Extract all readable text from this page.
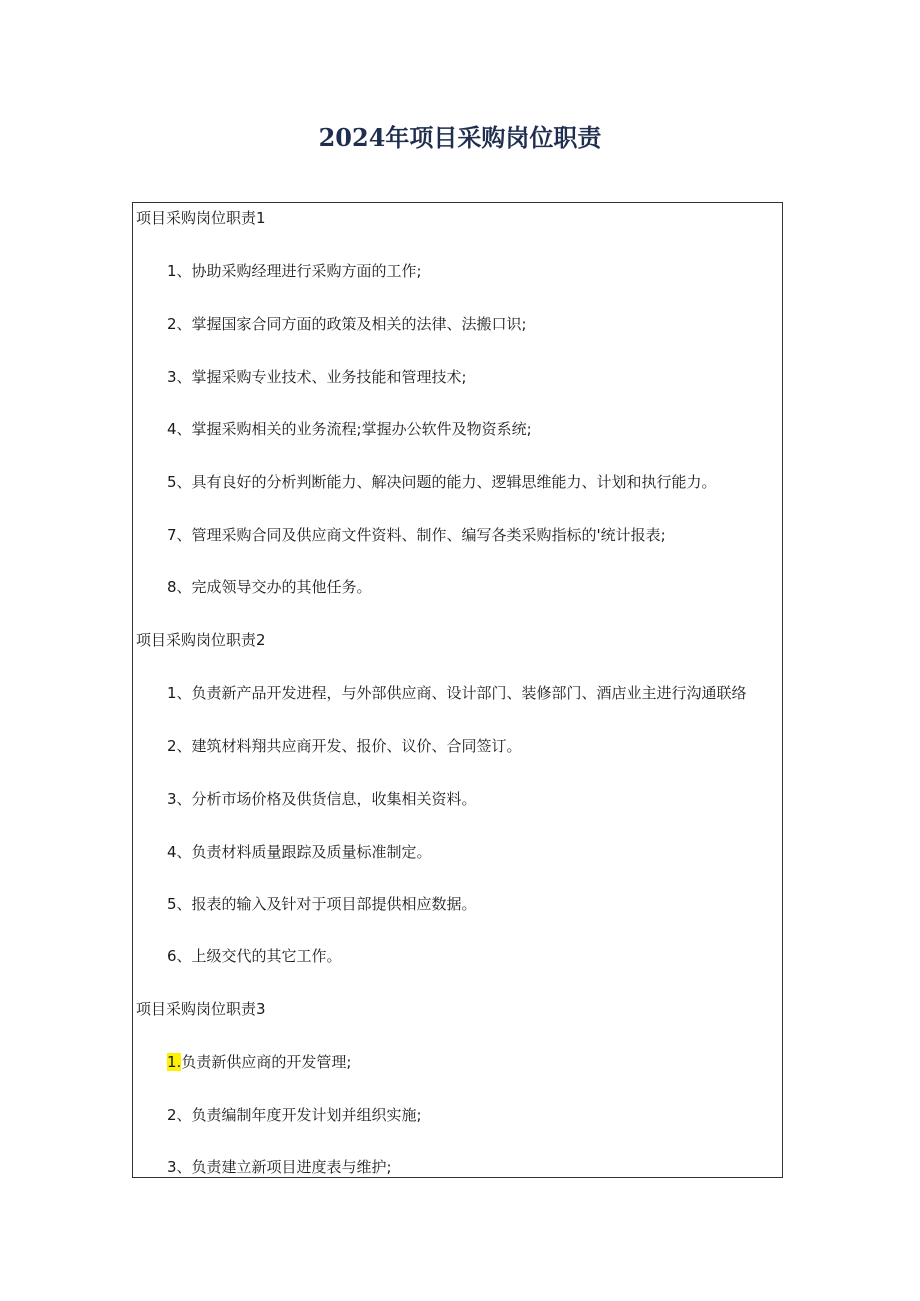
2024年项目采购岗位职责
项目采购岗位职责1
1、协助采购经理进行采购方面的工作;
2、掌握国家合同方面的政策及相关的法律、法搬口识;
3、掌握采购专业技术、业务技能和管理技术;
4、掌握采购相关的业务流程;掌握办公软件及物资系统;
5、具有良好的分析判断能力、解决问题的能力、逻辑思维能力、计划和执行能力。
7、管理采购合同及供应商文件资料、制作、编写各类采购指标的'统计报表;
8、完成领导交办的其他任务。
项目采购岗位职责2
1、负责新产品开发进程，与外部供应商、设计部门、装修部门、酒店业主进行沟通联络
2、建筑材料翔共应商开发、报价、议价、合同签订。
3、分析市场价格及供货信息，收集相关资料。
4、负责材料质量跟踪及质量标准制定。
5、报表的输入及针对于项目部提供相应数据。
6、上级交代的其它工作。
项目采购岗位职责3
1.负责新供应商的开发管理;
2、负责编制年度开发计划并组织实施;
3、负责建立新项目进度表与维护;
